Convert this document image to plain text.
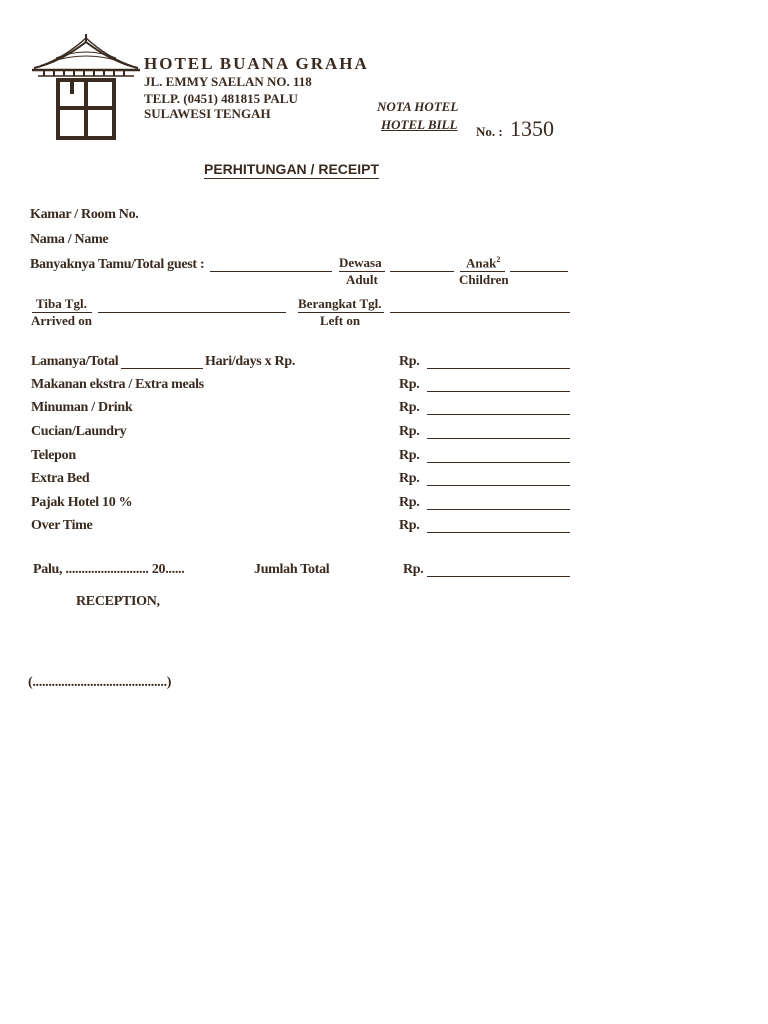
HOTEL BUANA GRAHA
JL. EMMY SAELAN NO. 118
TELP. (0451) 481815 PALU
SULAWESI TENGAH	NOTA HOTEL
HOTEL BILL No. : 1350
PERHITUNGAN / RECEIPT
Kamar / Room No.
Nama / Name
Banyaknya Tamu/Total guest :	Dewasa
Adult
Anak$^2$
Children
Tiba Tgl.
Arrived on
Berangkat Tgl.
Left on
Lamanya/Total	Hari/days x Rp.	Rp.
Makanan ekstra / Extra meals	Rp.
Minuman / Drink	Rp.
Cucian/Laundry	Rp.
Telepon	Rp.
Extra Bed	Rp.
Pajak Hotel 10 %	Rp.
Over Time	Rp.
Palu, .......................... 20......	Jumlah Total	Rp.
RECEPTION,
(..........................................)
